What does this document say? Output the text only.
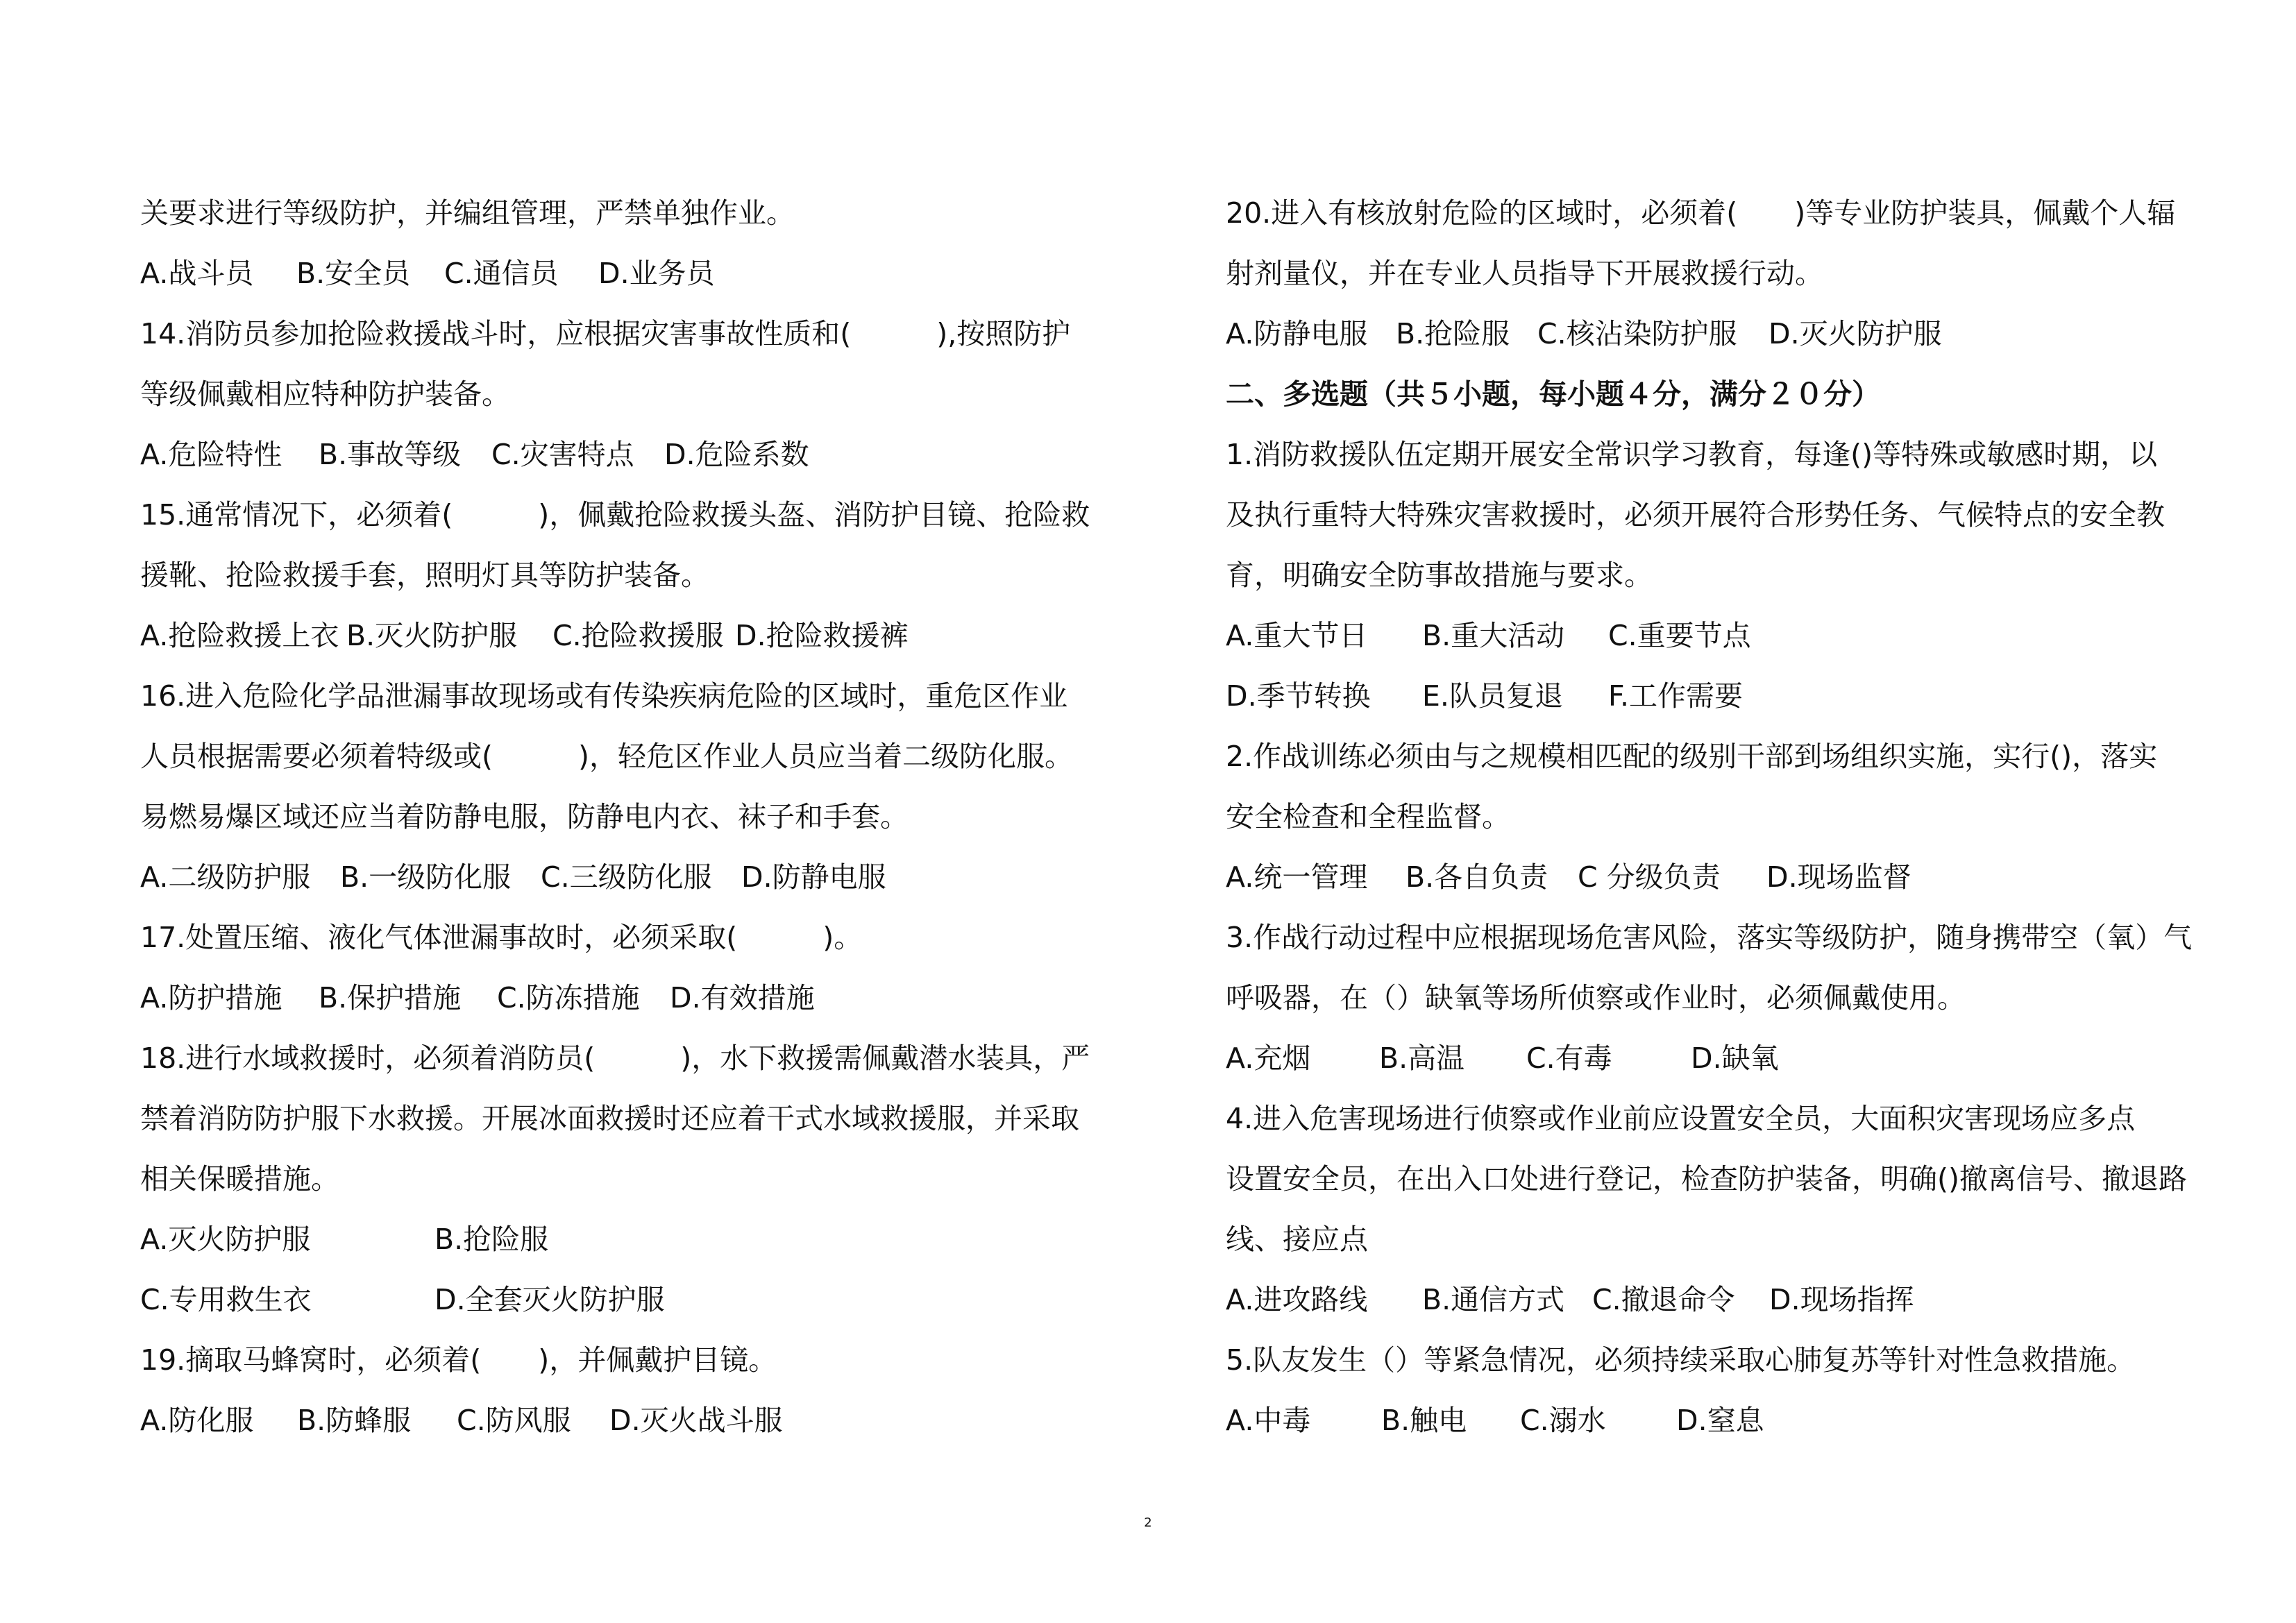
关要求进行等级防护，并编组管理，严禁单独作业。
A.战斗员 B.安全员 C.通信员 D.业务员
14.消防员参加抢险救援战斗时，应根据灾害事故性质和(　　　),按照防护
等级佩戴相应特种防护装备。
A.危险特性 B.事故等级 C.灾害特点 D.危险系数
15.通常情况下，必须着(　　　)，佩戴抢险救援头盔、消防护目镜、抢险救
援靴、抢险救援手套，照明灯具等防护装备。
A.抢险救援上衣 B.灭火防护服 C.抢险救援服 D.抢险救援裤
16.进入危险化学品泄漏事故现场或有传染疾病危险的区域时，重危区作业
人员根据需要必须着特级或(　　　)，轻危区作业人员应当着二级防化服。
易燃易爆区域还应当着防静电服，防静电内衣、袜子和手套。
A.二级防护服 B.一级防化服 C.三级防化服 D.防静电服
17.处置压缩、液化气体泄漏事故时，必须采取(　　　)。
A.防护措施 B.保护措施 C.防冻措施 D.有效措施
18.进行水域救援时，必须着消防员(　　　)，水下救援需佩戴潜水装具，严
禁着消防防护服下水救援。开展冰面救援时还应着干式水域救援服，并采取
相关保暖措施。
A.灭火防护服	B.抢险服
C.专用救生衣	D.全套灭火防护服
19.摘取马蜂窝时，必须着(　　)，并佩戴护目镜。
A.防化服 B.防蜂服 C.防风服 D.灭火战斗服
20.进入有核放射危险的区域时，必须着(　　)等专业防护装具，佩戴个人辐
射剂量仪，并在专业人员指导下开展救援行动。
A.防静电服 B.抢险服 C.核沾染防护服 D.灭火防护服
二、多选题（共５小题，每小题４分，满分２０分）
1.消防救援队伍定期开展安全常识学习教育，每逢()等特殊或敏感时期，以
及执行重特大特殊灾害救援时，必须开展符合形势任务、气候特点的安全教
育，明确安全防事故措施与要求。
A.重大节日 B.重大活动 C.重要节点
D.季节转换 E.队员复退 F.工作需要
2.作战训练必须由与之规模相匹配的级别干部到场组织实施，实行()，落实
安全检查和全程监督。
A.统一管理 B.各自负责 C 分级负责 D.现场监督
3.作战行动过程中应根据现场危害风险，落实等级防护，随身携带空（氧）气
呼吸器，在（）缺氧等场所侦察或作业时，必须佩戴使用。
A.充烟 B.高温 C.有毒	D.缺氧
4.进入危害现场进行侦察或作业前应设置安全员，大面积灾害现场应多点
设置安全员，在出入口处进行登记，检查防护装备，明确()撤离信号、撤退路
线、接应点
A.进攻路线 B.通信方式 C.撤退命令 D.现场指挥
5.队友发生（）等紧急情况，必须持续采取心肺复苏等针对性急救措施。
A.中毒 B.触电 C.溺水 D.窒息
2
